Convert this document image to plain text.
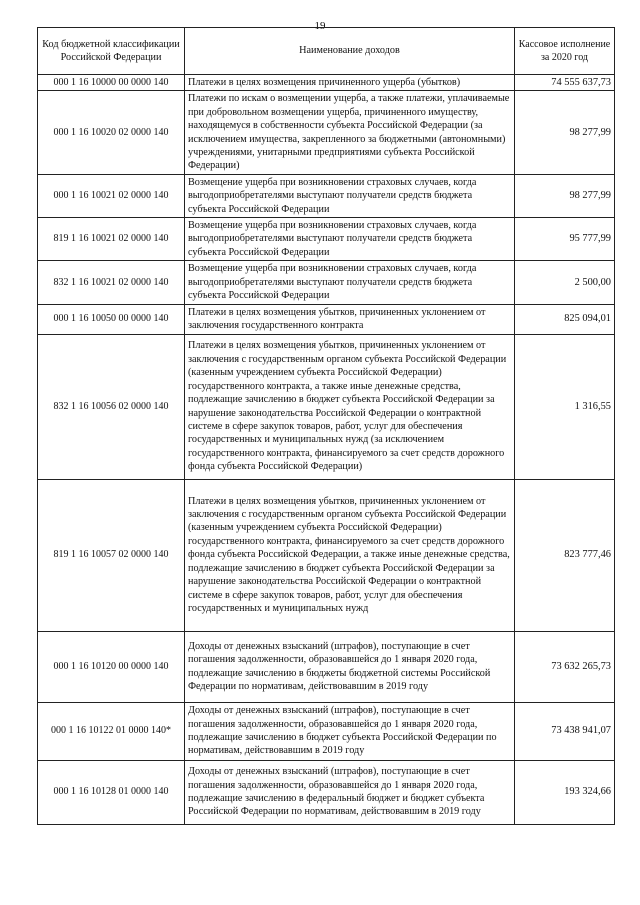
19
Код бюджетной классификации Российской Федерации	Наименование доходов	Кассовое исполнение за 2020 год
000 1 16 10000 00 0000 140	Платежи в целях возмещения причиненного ущерба (убытков)	74 555 637,73
000 1 16 10020 02 0000 140	Платежи по искам о возмещении ущерба, а также платежи, уплачиваемые при добровольном возмещении ущерба, причиненного имуществу, находящемуся в собственности субъекта Российской Федерации (за исключением имущества, закрепленного за бюджетными (автономными) учреждениями, унитарными предприятиями субъекта Российской Федерации)	98 277,99
000 1 16 10021 02 0000 140	Возмещение ущерба при возникновении страховых случаев, когда выгодоприобретателями выступают получатели средств бюджета субъекта Российской Федерации	98 277,99
819 1 16 10021 02 0000 140	Возмещение ущерба при возникновении страховых случаев, когда выгодоприобретателями выступают получатели средств бюджета субъекта Российской Федерации	95 777,99
832 1 16 10021 02 0000 140	Возмещение ущерба при возникновении страховых случаев, когда выгодоприобретателями выступают получатели средств бюджета субъекта Российской Федерации	2 500,00
000 1 16 10050 00 0000 140	Платежи в целях возмещения убытков, причиненных уклонением от заключения государственного контракта	825 094,01
832 1 16 10056 02 0000 140	Платежи в целях возмещения убытков, причиненных уклонением от заключения с государственным органом субъекта Российской Федерации (казенным учреждением субъекта Российской Федерации) государственного контракта, а также иные денежные средства, подлежащие зачислению в бюджет субъекта Российской Федерации за нарушение законодательства Российской Федерации о контрактной системе в сфере закупок товаров, работ, услуг для обеспечения государственных и муниципальных нужд (за исключением государственного контракта, финансируемого за счет средств дорожного фонда субъекта Российской Федерации)	1 316,55
819 1 16 10057 02 0000 140	Платежи в целях возмещения убытков, причиненных уклонением от заключения с государственным органом субъекта Российской Федерации (казенным учреждением субъекта Российской Федерации) государственного контракта, финансируемого за счет средств дорожного фонда субъекта Российской Федерации, а также иные денежные средства, подлежащие зачислению в бюджет субъекта Российской Федерации за нарушение законодательства Российской Федерации о контрактной системе в сфере закупок товаров, работ, услуг для обеспечения государственных и муниципальных нужд	823 777,46
000 1 16 10120 00 0000 140	Доходы от денежных взысканий (штрафов), поступающие в счет погашения задолженности, образовавшейся до 1 января 2020 года, подлежащие зачислению в бюджеты бюджетной системы Российской Федерации по нормативам, действовавшим в 2019 году	73 632 265,73
000 1 16 10122 01 0000 140*	Доходы от денежных взысканий (штрафов), поступающие в счет погашения задолженности, образовавшейся до 1 января 2020 года, подлежащие зачислению в бюджет субъекта Российской Федерации по нормативам, действовавшим в 2019 году	73 438 941,07
000 1 16 10128 01 0000 140	Доходы от денежных взысканий (штрафов), поступающие в счет погашения задолженности, образовавшейся до 1 января 2020 года, подлежащие зачислению в федеральный бюджет и бюджет субъекта Российской Федерации по нормативам, действовавшим в 2019 году	193 324,66
